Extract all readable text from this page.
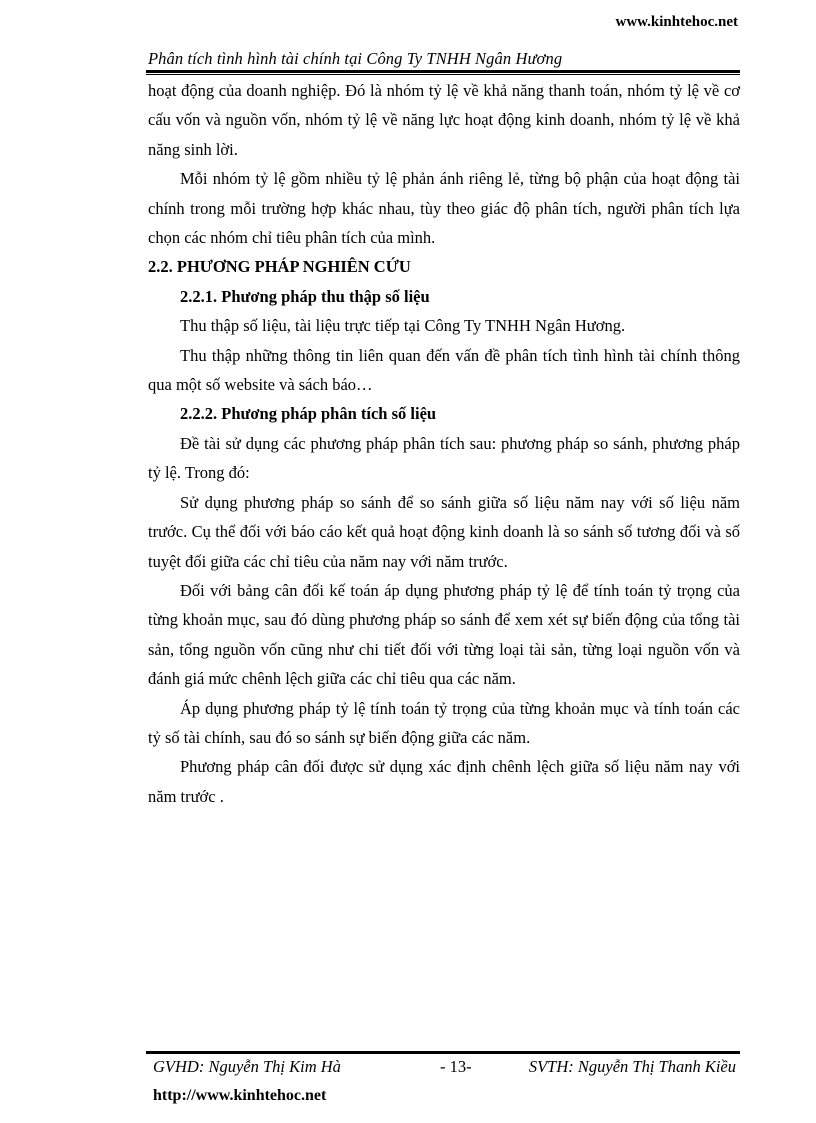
www.kinhtehoc.net
Phân tích tình hình tài chính tại Công Ty TNHH Ngân Hương

hoạt động của doanh nghiệp. Đó là nhóm tỷ lệ về khả năng thanh toán, nhóm tỷ lệ về cơ cấu vốn và nguồn vốn, nhóm tỷ lệ về năng lực hoạt động kinh doanh, nhóm tỷ lệ về khả năng sinh lời.

Mỗi nhóm tỷ lệ gồm nhiều tỷ lệ phản ánh riêng lẻ, từng bộ phận của hoạt động tài chính trong mỗi trường hợp khác nhau, tùy theo giác độ phân tích, người phân tích lựa chọn các nhóm chỉ tiêu phân tích của mình.

2.2. PHƯƠNG PHÁP NGHIÊN CỨU

2.2.1. Phương pháp thu thập số liệu

Thu thập số liệu, tài liệu trực tiếp tại Công Ty TNHH Ngân Hương.

Thu thập những thông tin liên quan đến vấn đề phân tích tình hình tài chính thông qua một số website và sách báo…

2.2.2. Phương pháp phân tích số liệu

Đề tài sử dụng các phương pháp phân tích sau: phương pháp so sánh, phương pháp tỷ lệ. Trong đó:

Sử dụng phương pháp so sánh để so sánh giữa số liệu năm nay với số liệu năm trước. Cụ thể đối với báo cáo kết quả hoạt động kinh doanh là so sánh số tương đối và số tuyệt đối giữa các chỉ tiêu của năm nay với năm trước.

Đối với bảng cân đối kế toán áp dụng phương pháp tỷ lệ để tính toán tỷ trọng của từng khoản mục, sau đó dùng phương pháp so sánh để xem xét sự biến động của tổng tài sản, tổng nguồn vốn cũng như chi tiết đối với từng loại tài sản, từng loại nguồn vốn và đánh giá mức chênh lệch giữa các chỉ tiêu qua các năm.

Áp dụng phương pháp tỷ lệ tính toán tỷ trọng của từng khoản mục và tính toán các tỷ số tài chính, sau đó so sánh sự biến động giữa các năm.

Phương pháp cân đối được sử dụng xác định chênh lệch giữa số liệu năm nay với năm trước .

GVHD: Nguyễn Thị Kim Hà	- 13-	SVTH: Nguyễn Thị Thanh Kiều
http://www.kinhtehoc.net
